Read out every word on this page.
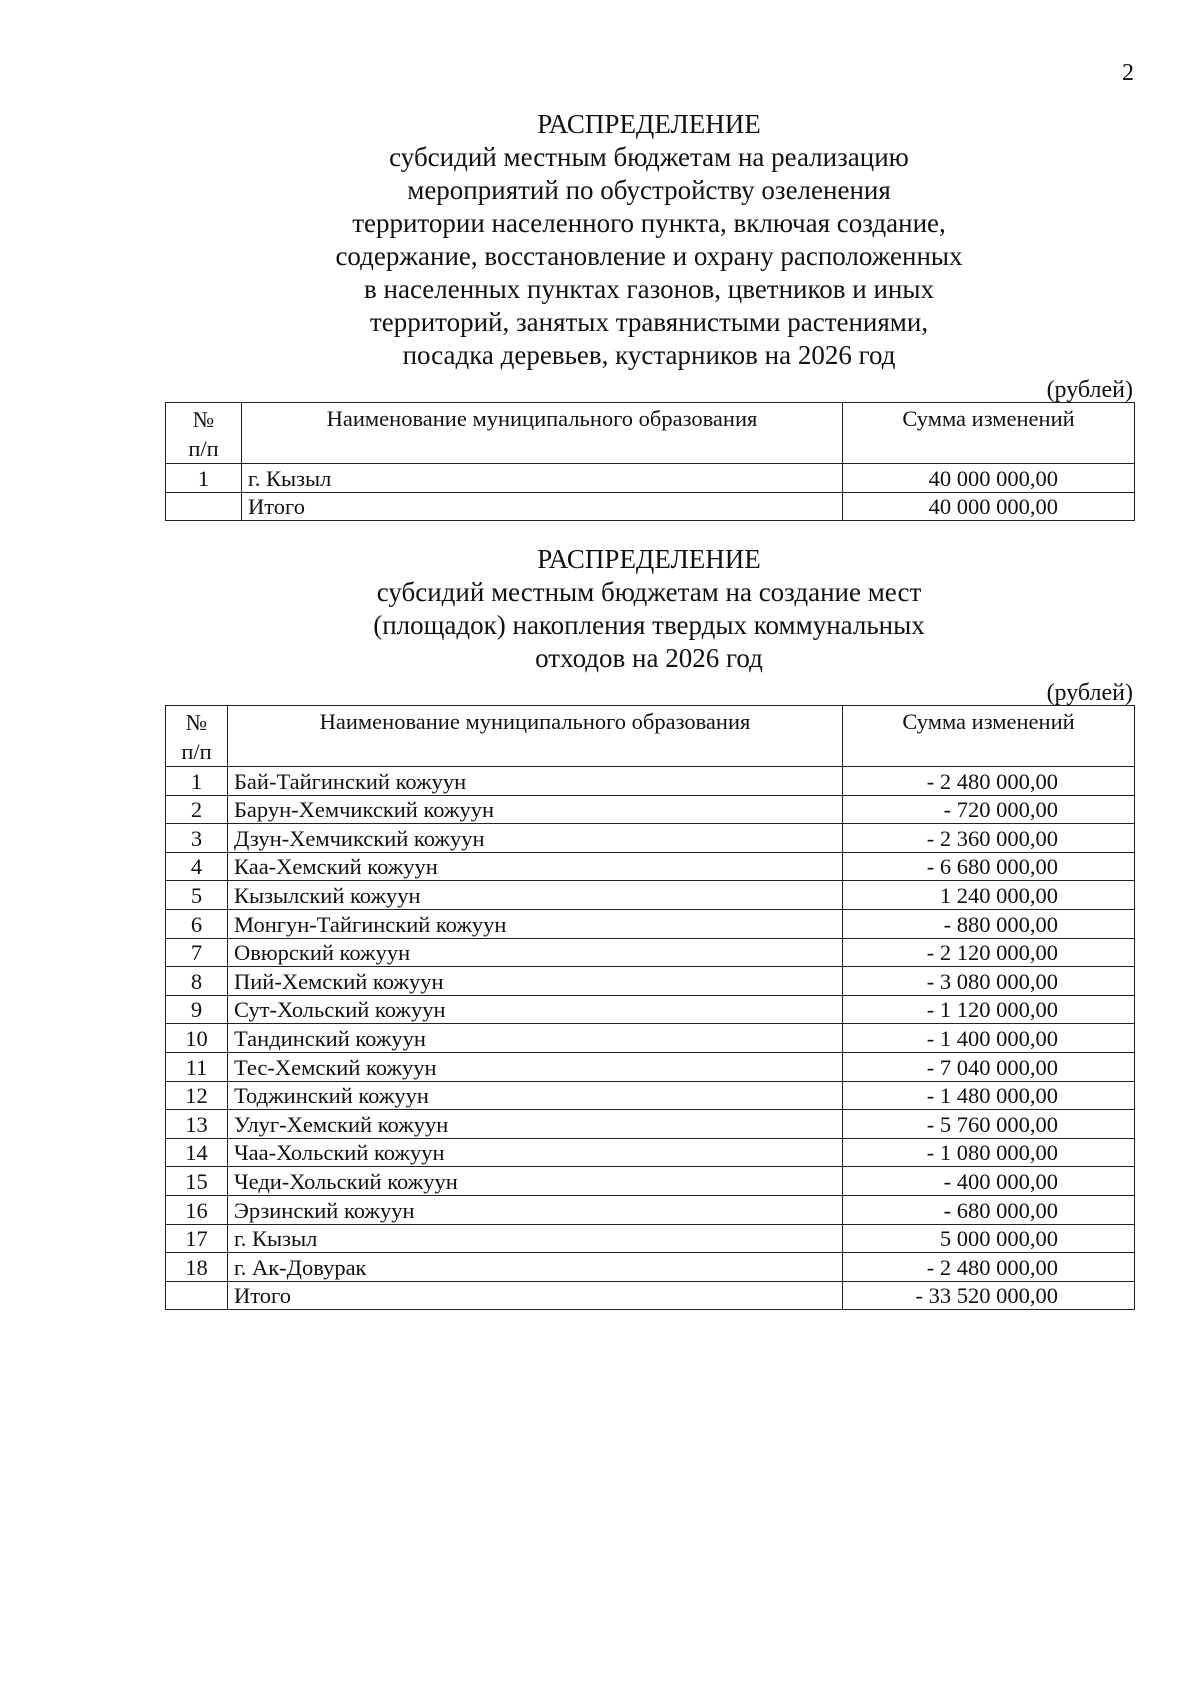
2
РАСПРЕДЕЛЕНИЕ
субсидий местным бюджетам на реализацию
мероприятий по обустройству озеленения
территории населенного пункта, включая создание,
содержание, восстановление и охрану расположенных
в населенных пунктах газонов, цветников и иных
территорий, занятых травянистыми растениями,
посадка деревьев, кустарников на 2026 год
(рублей)
№
п/п	Наименование муниципального образования	Сумма изменений
1	г. Кызыл	40 000 000,00
	Итого	40 000 000,00
РАСПРЕДЕЛЕНИЕ
субсидий местным бюджетам на создание мест
(площадок) накопления твердых коммунальных
отходов на 2026 год
(рублей)
№
п/п	Наименование муниципального образования	Сумма изменений
1	Бай-Тайгинский кожуун	- 2 480 000,00
2	Барун-Хемчикский кожуун	- 720 000,00
3	Дзун-Хемчикский кожуун	- 2 360 000,00
4	Каа-Хемский кожуун	- 6 680 000,00
5	Кызылский кожуун	1 240 000,00
6	Монгун-Тайгинский кожуун	- 880 000,00
7	Овюрский кожуун	- 2 120 000,00
8	Пий-Хемский кожуун	- 3 080 000,00
9	Сут-Хольский кожуун	- 1 120 000,00
10	Тандинский кожуун	- 1 400 000,00
11	Тес-Хемский кожуун	- 7 040 000,00
12	Тоджинский кожуун	- 1 480 000,00
13	Улуг-Хемский кожуун	- 5 760 000,00
14	Чаа-Хольский кожуун	- 1 080 000,00
15	Чеди-Хольский кожуун	- 400 000,00
16	Эрзинский кожуун	- 680 000,00
17	г. Кызыл	5 000 000,00
18	г. Ак-Довурак	- 2 480 000,00
	Итого	- 33 520 000,00
